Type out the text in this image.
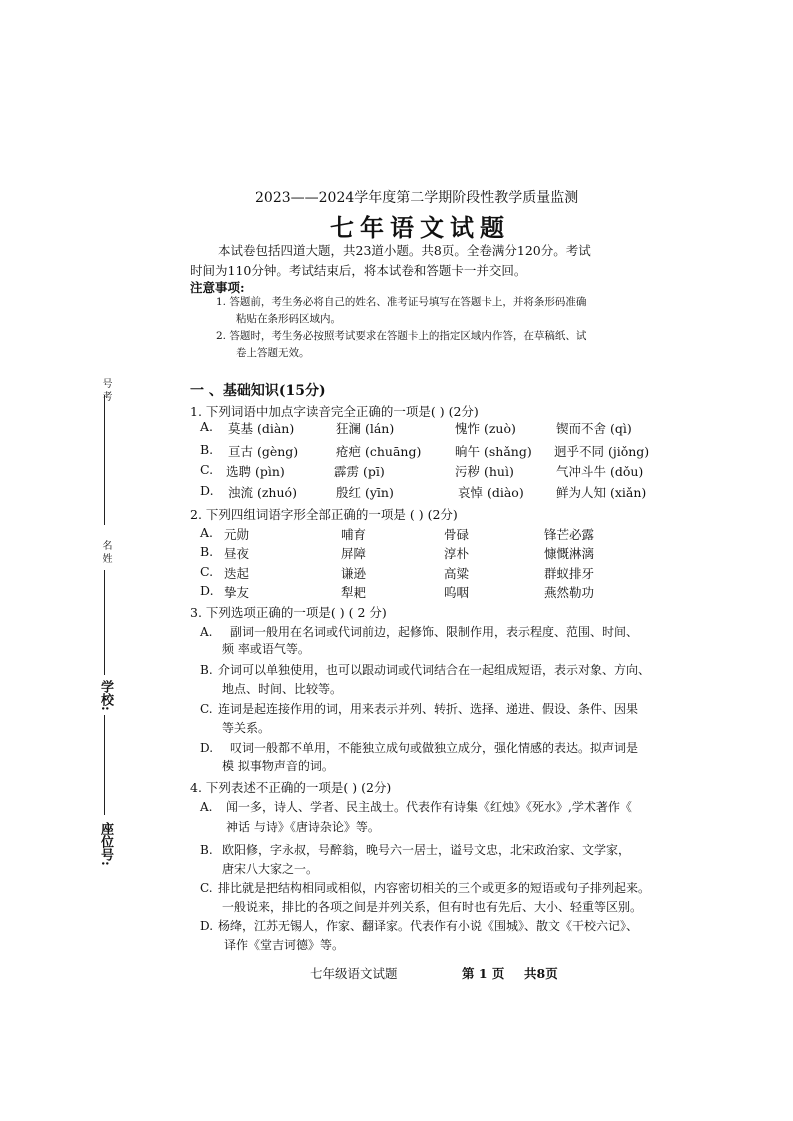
号 考
名 姓
学校:
座位号:
2023——2024学年度第二学期阶段性教学质量监测
七年语文试题
本试卷包括四道大题，共23道小题。共8页。全卷满分120分。考试
时间为110分钟。考试结束后，将本试卷和答题卡一并交回。
注意事项:
1. 答题前，考生务必将自己的姓名、准考证号填写在答题卡上，并将条形码准确
粘贴在条形码区域内。
2. 答题时，考生务必按照考试要求在答题卡上的指定区域内作答，在草稿纸、试
卷上答题无效。
一 、基础知识(15分)
1. 下列词语中加点字读音完全正确的一项是( ) (2分)
A. 莫基 (diàn)	狂澜 (lán)	愧怍 (zuò)	锲而不舍 (qì)
B. 亘古 (gèng)	疮疤 (chuāng)	晌午 (shǎng) 迥乎不同 (jiǒng)
C. 选聘 (pìn)	霹雳 (pī)	污秽 (huì)	气冲斗牛 (dǒu)
D. 浊流 (zhuó)	殷红 (yīn)	哀悼 (diào)	鲜为人知 (xiǎn)
2. 下列四组词语字形全部正确的一项是 ( ) (2分)
A. 元勋	哺育	骨碌	锋芒必露
B. 昼夜	屏障	淳朴	慷慨淋漓
C. 迭起	谦逊	高粱	群蚁排牙
D. 挚友	犁耙	呜咽	燕然勒功
3. 下列选项正确的一项是( ) ( 2 分)
A. 副词一般用在名词或代词前边，起修饰、限制作用，表示程度、范围、时间、
频 率或语气等。
B. 介词可以单独使用，也可以跟动词或代词结合在一起组成短语，表示对象、方向、
地点、时间、比较等。
C. 连词是起连接作用的词，用来表示并列、转折、选择、递进、假设、条件、因果
等关系。
D. 叹词一般都不单用，不能独立成句或做独立成分，强化情感的表达。拟声词是
模 拟事物声音的词。
4. 下列表述不正确的一项是( ) (2分)
A. 闻一多，诗人、学者、民主战士。代表作有诗集《红烛》《死水》,学术著作《
神话 与诗》《唐诗杂论》等。
B. 欧阳修，字永叔，号醉翁，晚号六一居士，谥号文忠，北宋政治家、文学家，
唐宋八大家之一。
C. 排比就是把结构相同或相似，内容密切相关的三个或更多的短语或句子排列起来。
一般说来，排比的各项之间是并列关系，但有时也有先后、大小、轻重等区别。
D. 杨绛，江苏无锡人，作家、翻译家。代表作有小说《围城》、散文《干校六记》、
译作《堂吉诃德》等。
七年级语文试题	第 1 页 共8页
